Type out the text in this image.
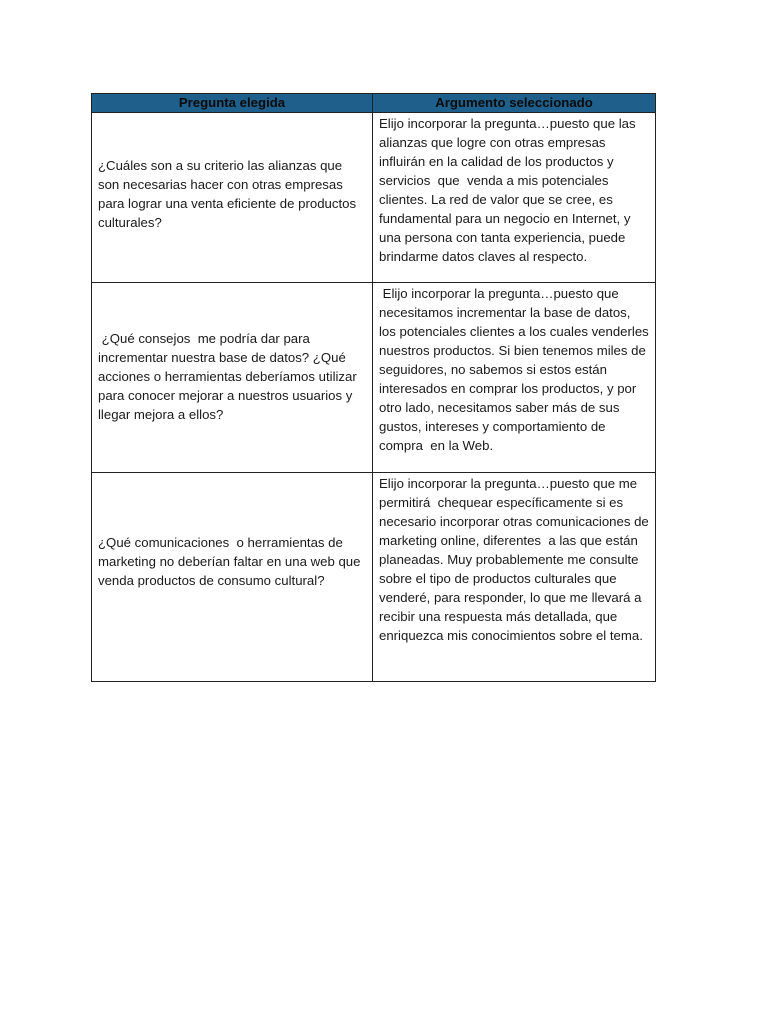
Pregunta elegida	Argumento seleccionado

¿Cuáles son a su criterio las alianzas que son necesarias hacer con otras empresas para lograr una venta eficiente de productos culturales?	Elijo incorporar la pregunta…puesto que las alianzas que logre con otras empresas influirán en la calidad de los productos y servicios  que  venda a mis potenciales clientes. La red de valor que se cree, es fundamental para un negocio en Internet, y una persona con tanta experiencia, puede brindarme datos claves al respecto.

¿Qué consejos  me podría dar para incrementar nuestra base de datos? ¿Qué acciones o herramientas deberíamos utilizar para conocer mejorar a nuestros usuarios y llegar mejora a ellos?	Elijo incorporar la pregunta…puesto que necesitamos incrementar la base de datos, los potenciales clientes a los cuales venderles nuestros productos. Si bien tenemos miles de seguidores, no sabemos si estos están interesados en comprar los productos, y por otro lado, necesitamos saber más de sus  gustos, intereses y comportamiento de compra  en la Web.

¿Qué comunicaciones  o herramientas de marketing no deberían faltar en una web que venda productos de consumo cultural?	Elijo incorporar la pregunta…puesto que me permitirá  chequear específicamente si es necesario incorporar otras comunicaciones de marketing online, diferentes  a las que están planeadas. Muy probablemente me consulte sobre el tipo de productos culturales que venderé, para responder, lo que me llevará a recibir una respuesta más detallada, que enriquezca mis conocimientos sobre el tema.
